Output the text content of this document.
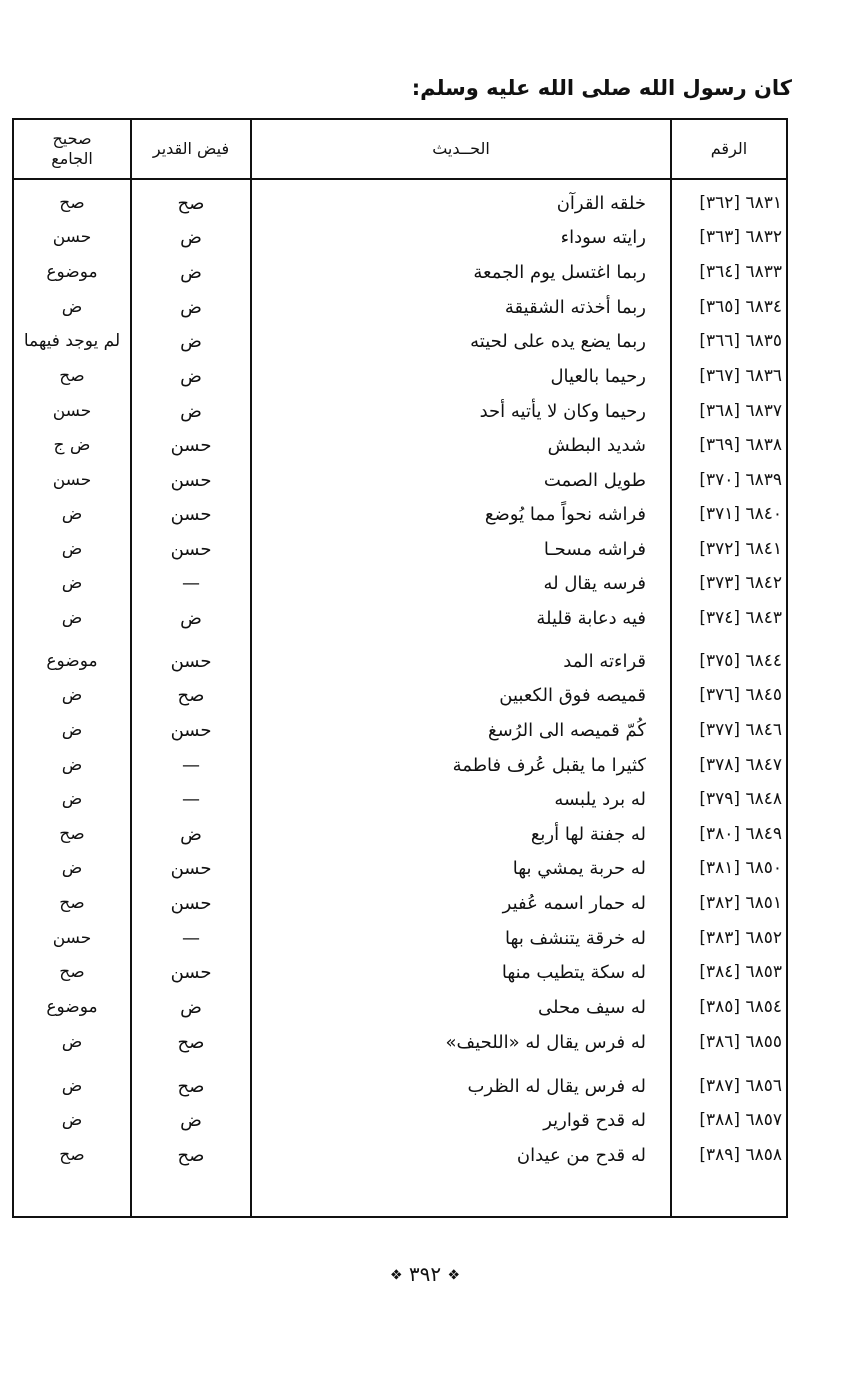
كان رسول الله صلى الله عليه وسلم:
الرقم
الحــديث
فيض القدير
صحيح
الجامع
٦٨٣١ [٣٦٢]
خلقه القرآن
صح
صح
٦٨٣٢ [٣٦٣]
رايته سوداء
ض
حسن
٦٨٣٣ [٣٦٤]
ربما اغتسل يوم الجمعة
ض
موضوع
٦٨٣٤ [٣٦٥]
ربما أخذته الشقيقة
ض
ض
٦٨٣٥ [٣٦٦]
ربما يضع يده على لحيته
ض
لم يوجد فيهما
٦٨٣٦ [٣٦٧]
رحيما بالعيال
ض
صح
٦٨٣٧ [٣٦٨]
رحيما وكان لا يأتيه أحد
ض
حسن
٦٨٣٨ [٣٦٩]
شديد البطش
حسن
ض ج
٦٨٣٩ [٣٧٠]
طويل الصمت
حسن
حسن
٦٨٤٠ [٣٧١]
فراشه نحواً مما يُوضع
حسن
ض
٦٨٤١ [٣٧٢]
فراشه مسحـا
حسن
ض
٦٨٤٢ [٣٧٣]
فرسه يقال له
—
ض
٦٨٤٣ [٣٧٤]
فيه دعابة قليلة
ض
ض
٦٨٤٤ [٣٧٥]
قراءته المد
حسن
موضوع
٦٨٤٥ [٣٧٦]
قميصه فوق الكعبين
صح
ض
٦٨٤٦ [٣٧٧]
كُمّ قميصه الى الرُسغ
حسن
ض
٦٨٤٧ [٣٧٨]
كثيرا ما يقبل عُرف فاطمة
—
ض
٦٨٤٨ [٣٧٩]
له برد يلبسه
—
ض
٦٨٤٩ [٣٨٠]
له جفنة لها أربع
ض
صح
٦٨٥٠ [٣٨١]
له حربة يمشي بها
حسن
ض
٦٨٥١ [٣٨٢]
له حمار اسمه عُفير
حسن
صح
٦٨٥٢ [٣٨٣]
له خرقة يتنشف بها
—
حسن
٦٨٥٣ [٣٨٤]
له سكة يتطيب منها
حسن
صح
٦٨٥٤ [٣٨٥]
له سيف محلى
ض
موضوع
٦٨٥٥ [٣٨٦]
له فرس يقال له «اللحيف»
صح
ض
٦٨٥٦ [٣٨٧]
له فرس يقال له الظرب
صح
ض
٦٨٥٧ [٣٨٨]
له قدح قوارير
ض
ض
٦٨٥٨ [٣٨٩]
له قدح من عيدان
صح
صح
❖ ٣٩٢ ❖
